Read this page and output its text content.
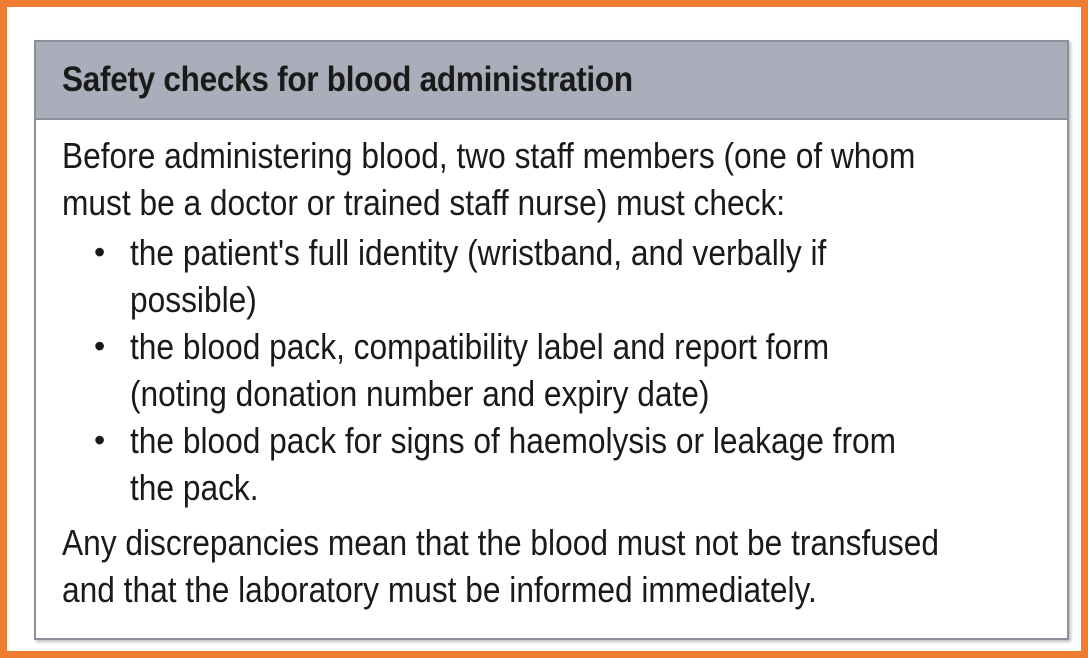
Safety checks for blood administration
Before administering blood, two staff members (one of whom
must be a doctor or trained staff nurse) must check:
• the patient's full identity (wristband, and verbally if
possible)
• the blood pack, compatibility label and report form
(noting donation number and expiry date)
• the blood pack for signs of haemolysis or leakage from
the pack.
Any discrepancies mean that the blood must not be transfused
and that the laboratory must be informed immediately.
